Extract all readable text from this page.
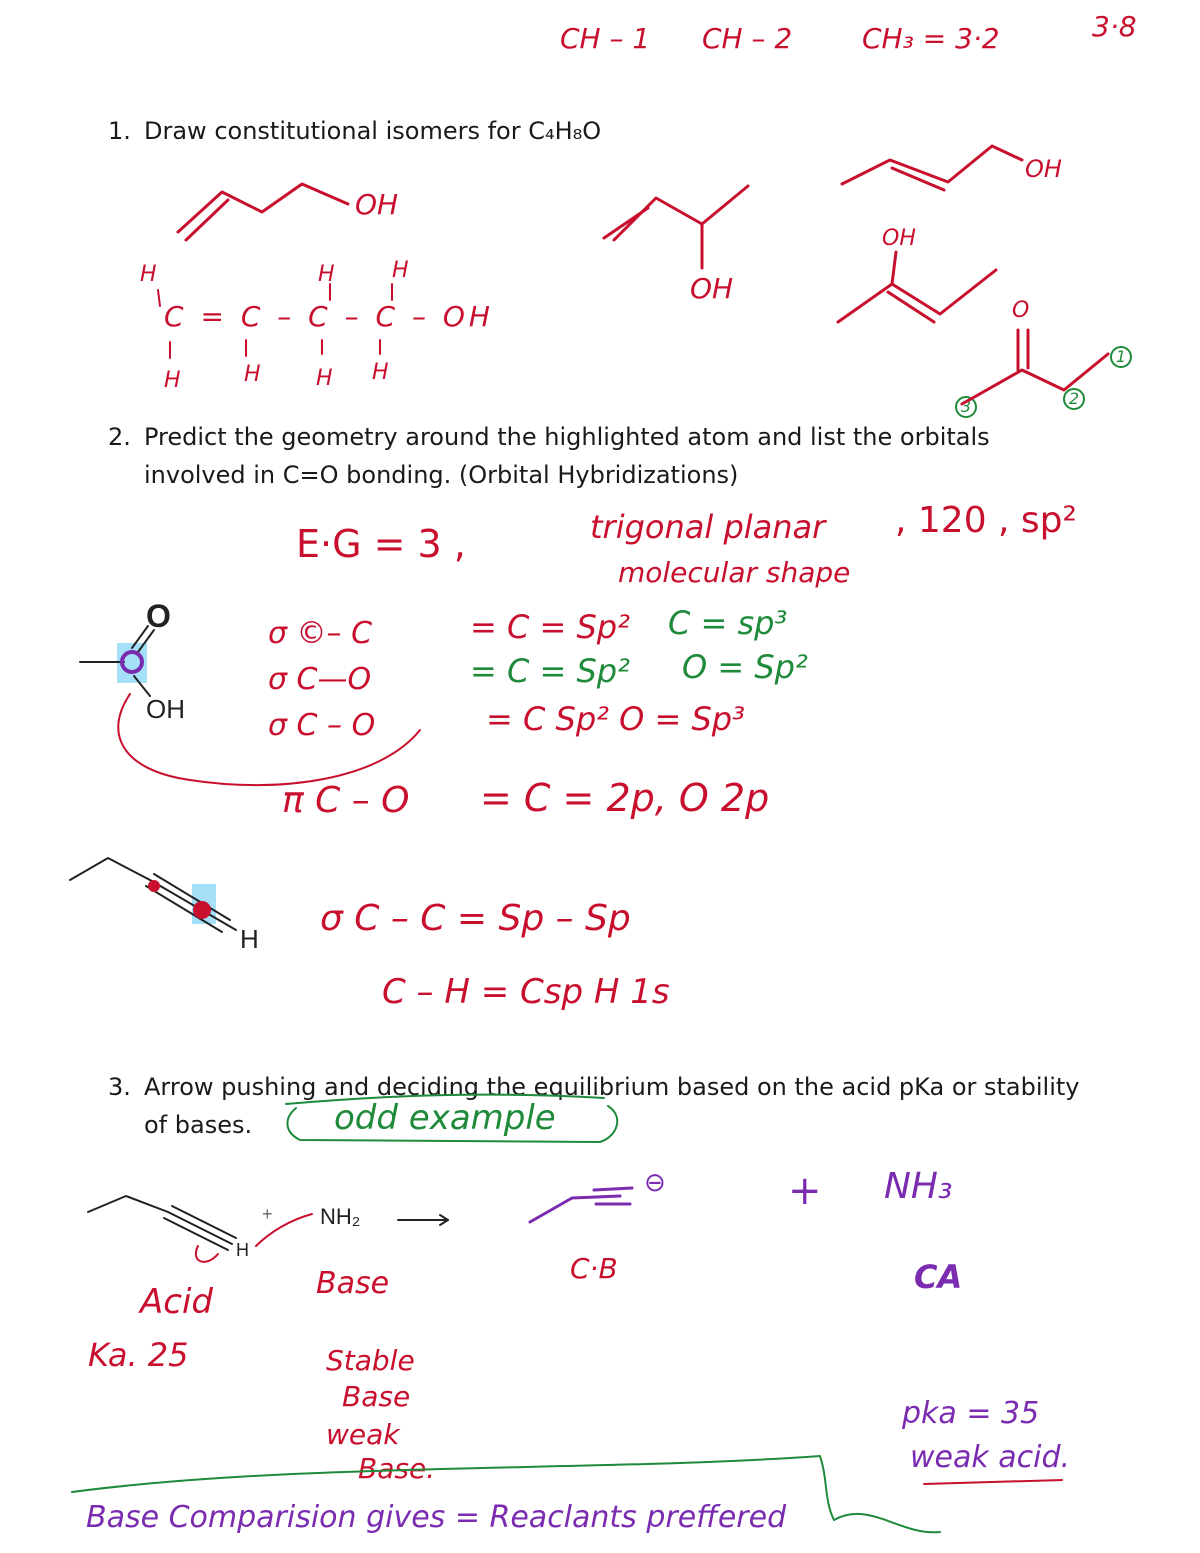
CH – 1 CH – 2 CH₃ = 3·2	3·8
1. Draw constitutional isomers for C₄H₈O
OH
H	H	H
C = C – C – C – OH
H	H	H H
OH
OH
OH
O
3	2
1
2. Predict the geometry around the highlighted atom and list the orbitals
involved in C=O bonding. (Orbital Hybridizations)
E·G = 3 ,	trigonal planar
molecular shape
, 120 , sp²
O
OH
σ ©– C	= C = Sp² C = sp³
σ C—O	= C = Sp² O = Sp²
σ C – O	= C Sp² O = Sp³
π C – O = C = 2p, O 2p
H σ C – C = Sp – Sp
C – H = Csp H 1s
3. Arrow pushing and deciding the equilibrium based on the acid pKa or stability
of bases.	odd example
+ NH₂
H
⊖	+ NH₃
Acid
Ka. 25
Base	C·B	CA
Stable
Base
weak
Base.
pka = 35
weak acid.
Base Comparision gives = Reaclants preffered
